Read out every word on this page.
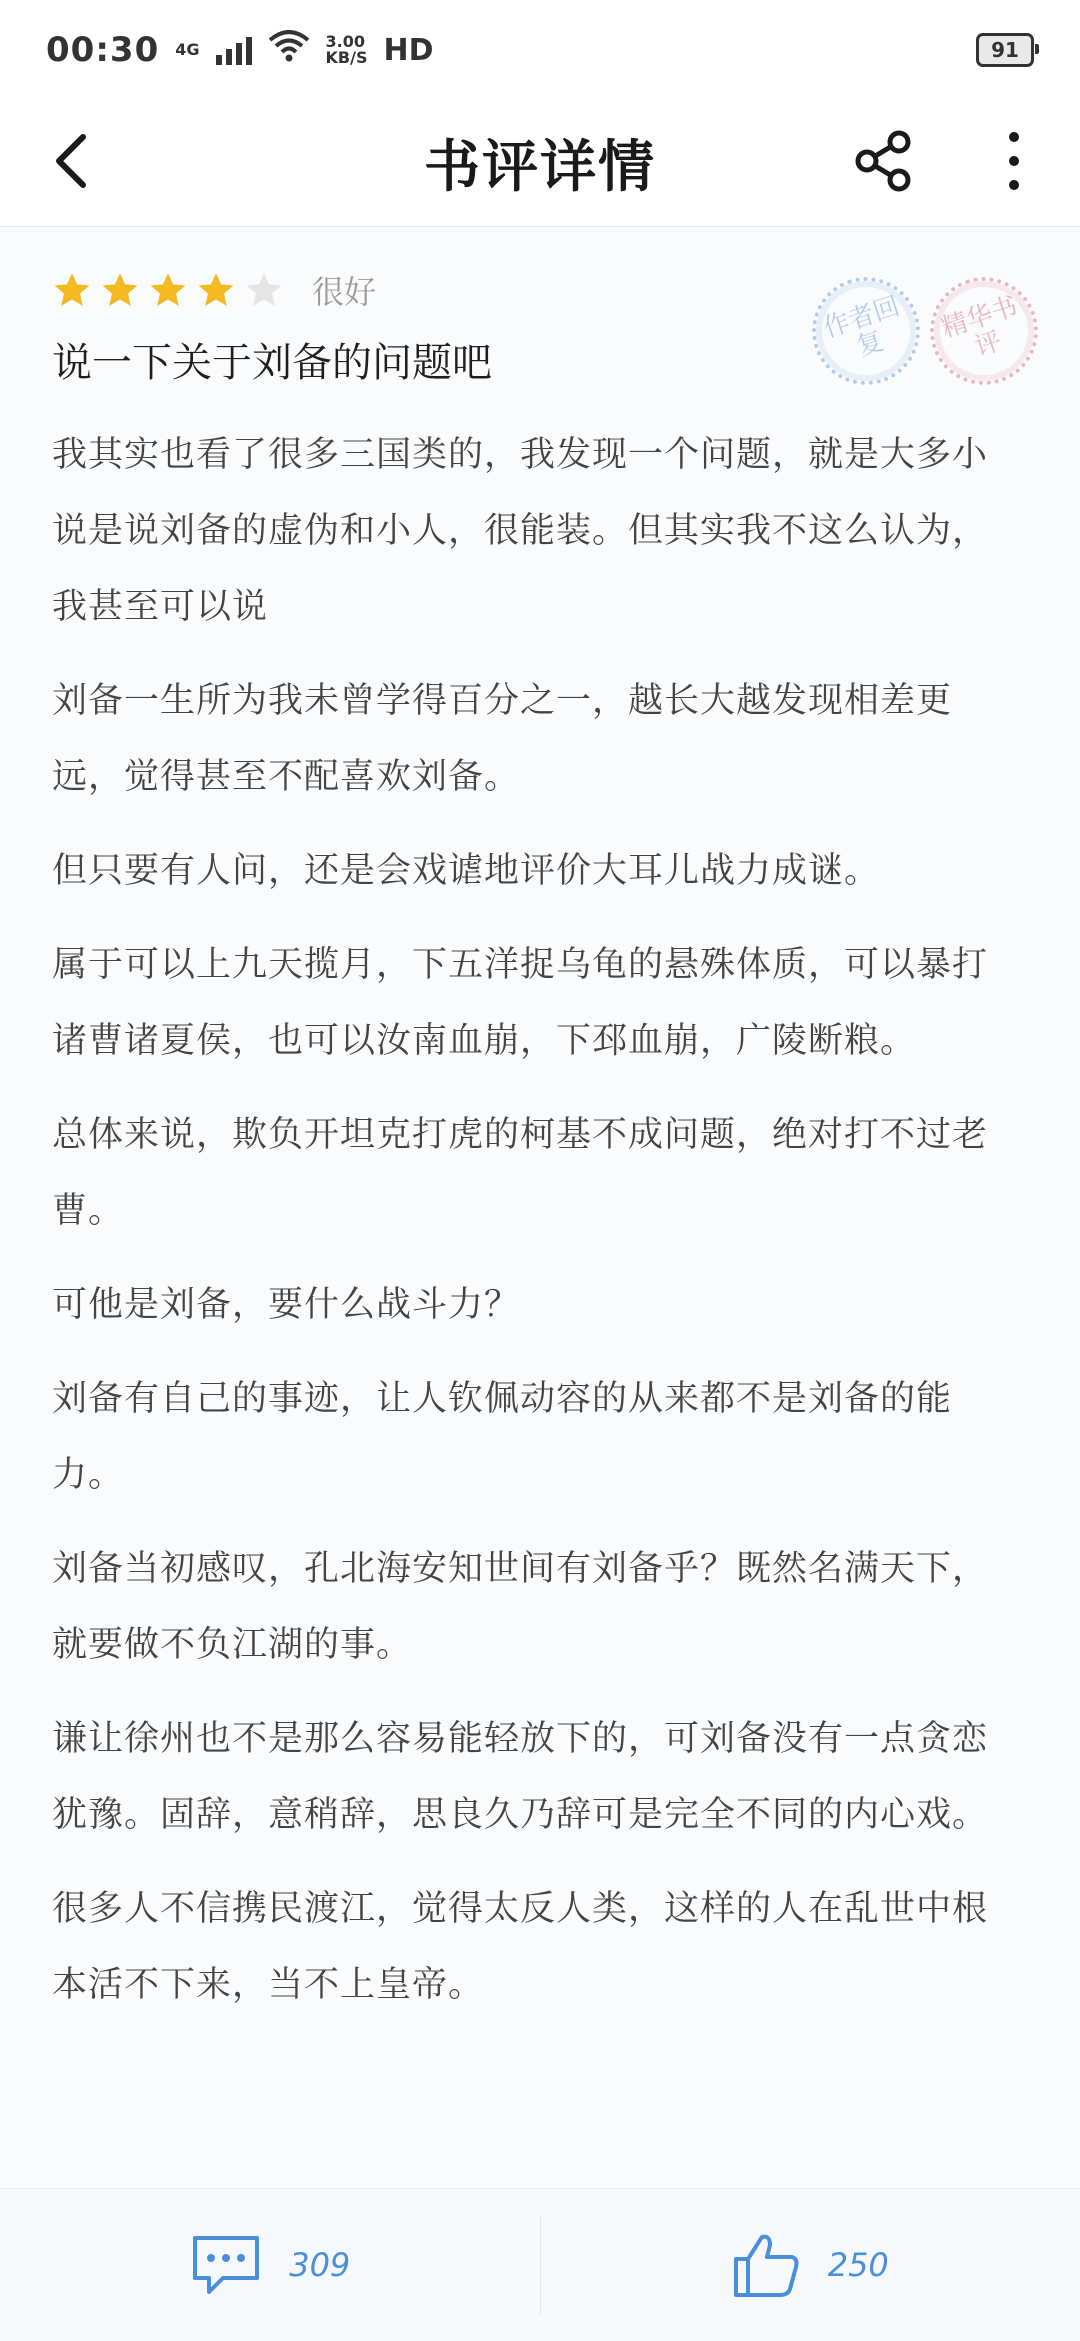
00:30 4G	3.00
KB/S HD	91
书评详情
很好	作者回复
精华书评
说一下关于刘备的问题吧

我其实也看了很多三国类的，我发现一个问题，就是大多小说是说刘备的虚伪和小人，很能装。但其实我不这么认为，我甚至可以说

刘备一生所为我未曾学得百分之一，越长大越发现相差更远，觉得甚至不配喜欢刘备。

但只要有人问，还是会戏谑地评价大耳儿战力成谜。

属于可以上九天揽月，下五洋捉乌龟的悬殊体质，可以暴打诸曹诸夏侯，也可以汝南血崩，下邳血崩，广陵断粮。

总体来说，欺负开坦克打虎的柯基不成问题，绝对打不过老曹。

可他是刘备，要什么战斗力？

刘备有自己的事迹，让人钦佩动容的从来都不是刘备的能力。

刘备当初感叹，孔北海安知世间有刘备乎？既然名满天下，就要做不负江湖的事。

谦让徐州也不是那么容易能轻放下的，可刘备没有一点贪恋犹豫。固辞，意稍辞，思良久乃辞可是完全不同的内心戏。

很多人不信携民渡江，觉得太反人类，这样的人在乱世中根本活不下来，当不上皇帝。

309	250
